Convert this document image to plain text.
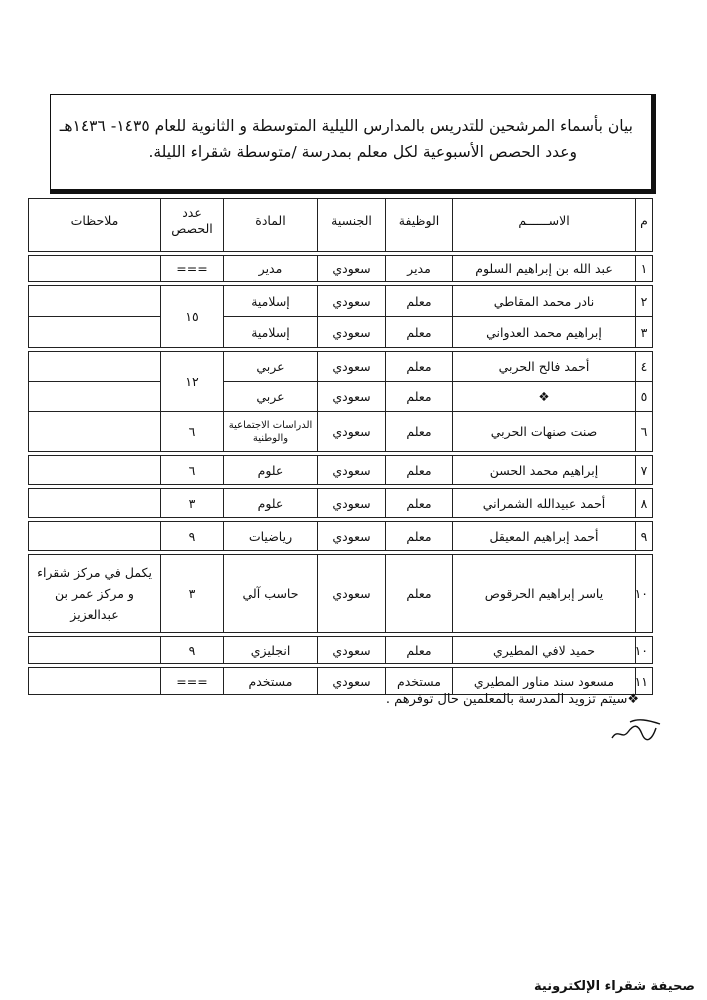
بيان بأسماء المرشحين للتدريس بالمدارس الليلية المتوسطة و الثانوية للعام ١٤٣٥- ١٤٣٦هـ
وعدد الحصص الأسبوعية لكل معلم بمدرسة /متوسطة شقراء الليلة.
م	الاســــــم	الوظيفة	الجنسية	المادة	عدد الحصص	ملاحظات

١	عبد الله بن إبراهيم السلوم	مدير	سعودي	مدير	===	

٢	نادر محمد المقاطي	معلم	سعودي	إسلامية	١٥	
٣	إبراهيم محمد العدواني	معلم	سعودي	إسلامية		

٤	أحمد فالح الحربي	معلم	سعودي	عربي	١٢	
٥	❖	معلم	سعودي	عربي		
٦	صنت صنهات الحربي	معلم	سعودي	الدراسات الاجتماعية والوطنية	٦	

٧	إبراهيم محمد الحسن	معلم	سعودي	علوم	٦	

٨	أحمد عبيدالله الشمراني	معلم	سعودي	علوم	٣	

٩	أحمد إبراهيم المعيقل	معلم	سعودي	رياضيات	٩	

١٠	ياسر إبراهيم الحرقوص	معلم	سعودي	حاسب آلي	٣	يكمل في مركز شقراء و مركز عمر بن عبدالعزيز

١٠	حميد لافي المطيري	معلم	سعودي	انجليزي	٩	

١١	مسعود سند مناور المطيري	مستخدم	سعودي	مستخدم	===	
❖سيتم تزويد المدرسة بالمعلمين حال توفرهم .
صحيفة شقراء الإلكترونية
